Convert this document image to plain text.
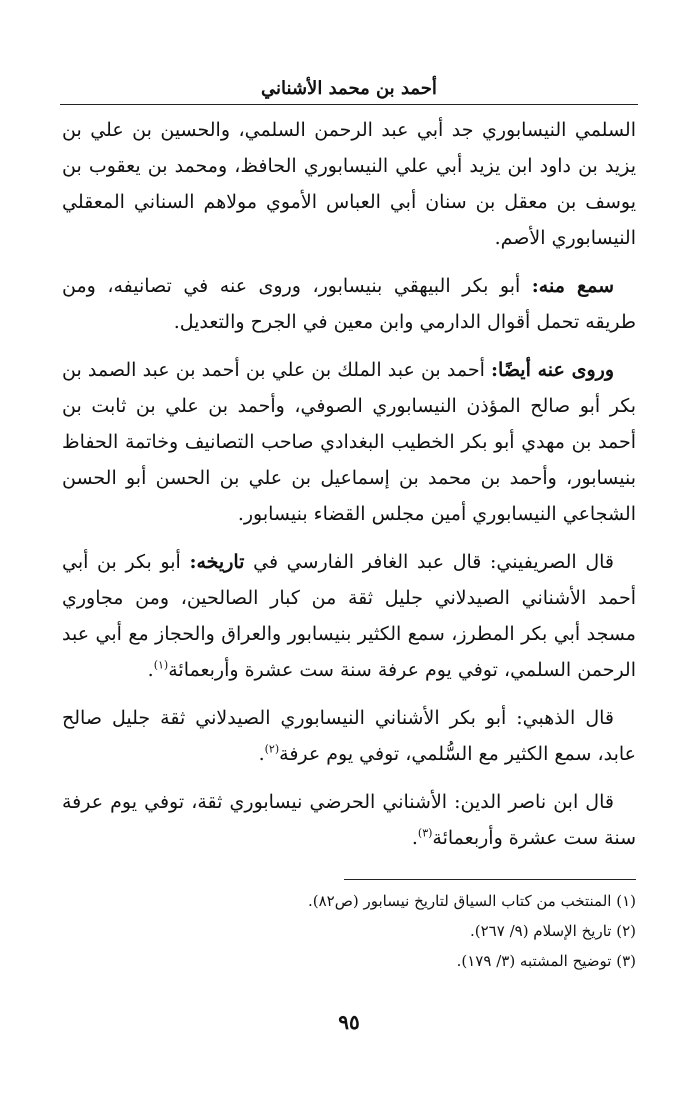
أحمد بن محمد الأشناني

السلمي النيسابوري جد أبي عبد الرحمن السلمي، والحسين بن علي بن يزيد بن داود ابن يزيد أبي علي النيسابوري الحافظ، ومحمد بن يعقوب بن يوسف بن معقل بن سنان أبي العباس الأموي مولاهم السناني المعقلي النيسابوري الأصم.

سمع منه: أبو بكر البيهقي بنيسابور، وروى عنه في تصانيفه، ومن طريقه تحمل أقوال الدارمي وابن معين في الجرح والتعديل.

وروى عنه أيضًا: أحمد بن عبد الملك بن علي بن أحمد بن عبد الصمد بن بكر أبو صالح المؤذن النيسابوري الصوفي، وأحمد بن علي بن ثابت بن أحمد بن مهدي أبو بكر الخطيب البغدادي صاحب التصانيف وخاتمة الحفاظ بنيسابور، وأحمد بن محمد بن إسماعيل بن علي بن الحسن أبو الحسن الشجاعي النيسابوري أمين مجلس القضاء بنيسابور.

قال الصريفيني: قال عبد الغافر الفارسي في تاريخه: أبو بكر بن أبي أحمد الأشناني الصيدلاني جليل ثقة من كبار الصالحين، ومن مجاوري مسجد أبي بكر المطرز، سمع الكثير بنيسابور والعراق والحجاز مع أبي عبد الرحمن السلمي، توفي يوم عرفة سنة ست عشرة وأربعمائة$^{(١)}$.

قال الذهبي: أبو بكر الأشناني النيسابوري الصيدلاني ثقة جليل صالح عابد، سمع الكثير مع السُّلمي، توفي يوم عرفة$^{(٢)}$.

قال ابن ناصر الدين: الأشناني الحرضي نيسابوري ثقة، توفي يوم عرفة سنة ست عشرة وأربعمائة$^{(٣)}$.

(١) المنتخب من كتاب السياق لتاريخ نيسابور (ص٨٢).

(٢) تاريخ الإسلام (٩/ ٢٦٧).

(٣) توضيح المشتبه (٣/ ١٧٩).

٩٥
